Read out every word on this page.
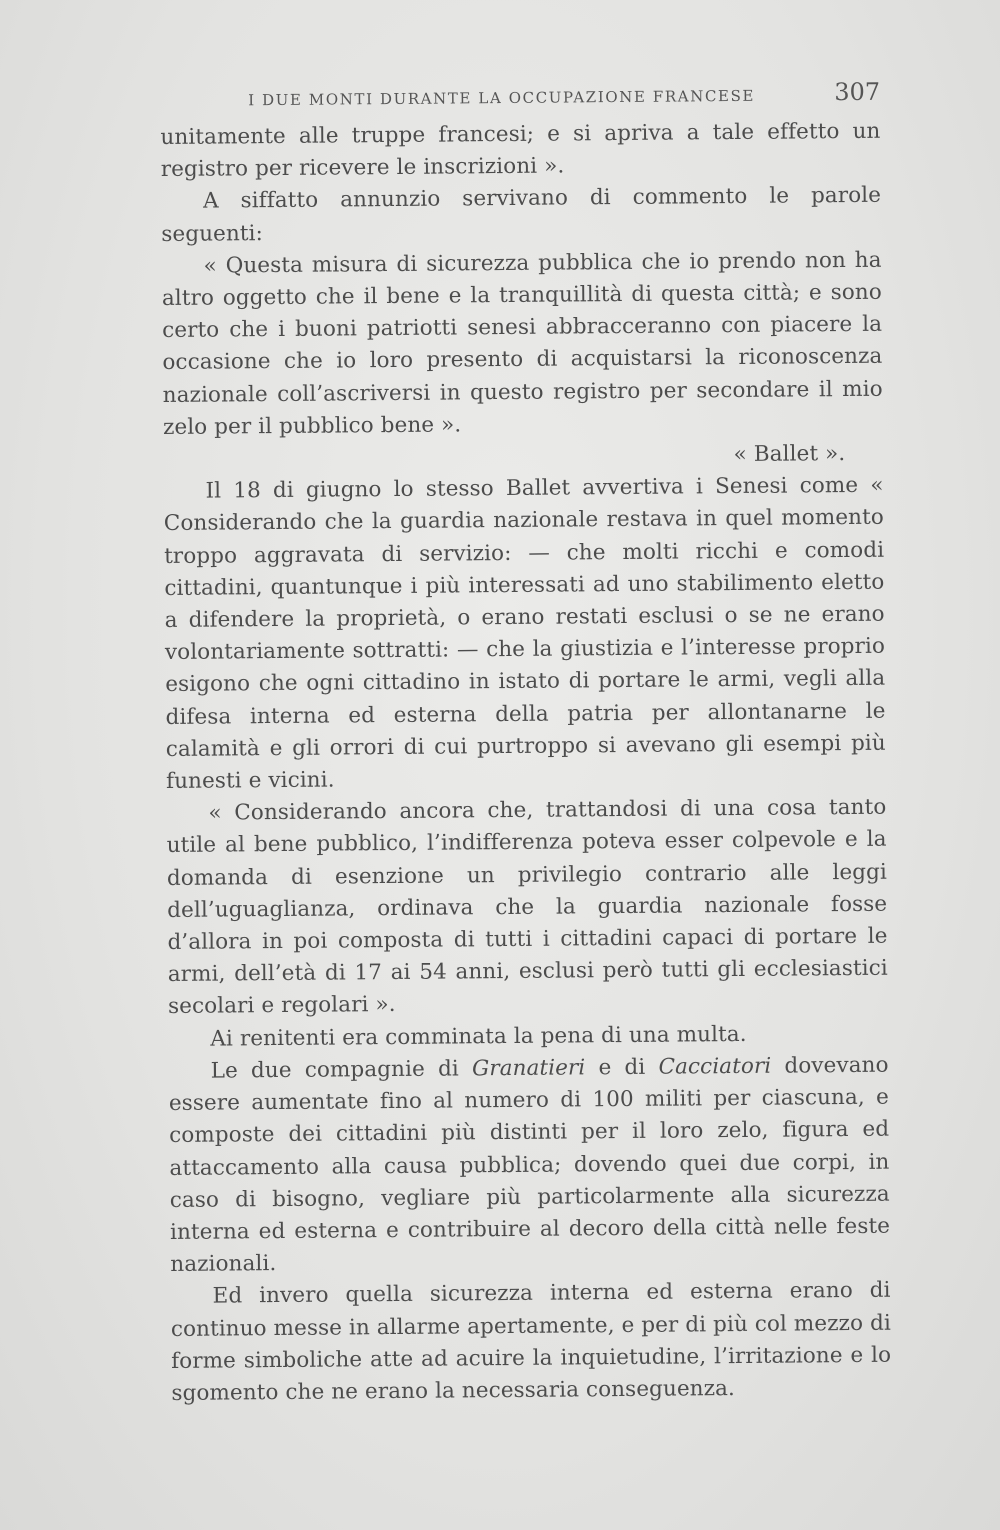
I DUE MONTI DURANTE LA OCCUPAZIONE FRANCESE	307

unitamente alle truppe francesi; e si apriva a tale effetto un registro per ricevere le inscrizioni ».

A siffatto annunzio servivano di commento le parole seguenti:

« Questa misura di sicurezza pubblica che io prendo non ha altro oggetto che il bene e la tranquillità di questa città; e sono certo che i buoni patriotti senesi abbracceranno con piacere la occasione che io loro presento di acquistarsi la riconoscenza nazionale coll’ascriversi in questo registro per secondare il mio zelo per il pubblico bene ».

« Ballet ».

Il 18 di giugno lo stesso Ballet avvertiva i Senesi come « Considerando che la guardia nazionale restava in quel momento troppo aggravata di servizio: — che molti ricchi e comodi cittadini, quantunque i più interessati ad uno stabilimento eletto a difendere la proprietà, o erano restati esclusi o se ne erano volontariamente sottratti: — che la giustizia e l’interesse proprio esigono che ogni cittadino in istato di portare le armi, vegli alla difesa interna ed esterna della patria per allontanarne le calamità e gli orrori di cui purtroppo si avevano gli esempi più funesti e vicini.

« Considerando ancora che, trattandosi di una cosa tanto utile al bene pubblico, l’indifferenza poteva esser colpevole e la domanda di esenzione un privilegio contrario alle leggi dell’uguaglianza, ordinava che la guardia nazionale fosse d’allora in poi composta di tutti i cittadini capaci di portare le armi, dell’età di 17 ai 54 anni, esclusi però tutti gli ecclesiastici secolari e regolari ».

Ai renitenti era comminata la pena di una multa.

Le due compagnie di Granatieri e di Cacciatori dovevano essere aumentate fino al numero di 100 militi per ciascuna, e composte dei cittadini più distinti per il loro zelo, figura ed attaccamento alla causa pubblica; dovendo quei due corpi, in caso di bisogno, vegliare più particolarmente alla sicurezza interna ed esterna e contribuire al decoro della città nelle feste nazionali.

Ed invero quella sicurezza interna ed esterna erano di continuo messe in allarme apertamente, e per di più col mezzo di forme simboliche atte ad acuire la inquietudine, l’irritazione e lo sgomento che ne erano la necessaria conseguenza.
